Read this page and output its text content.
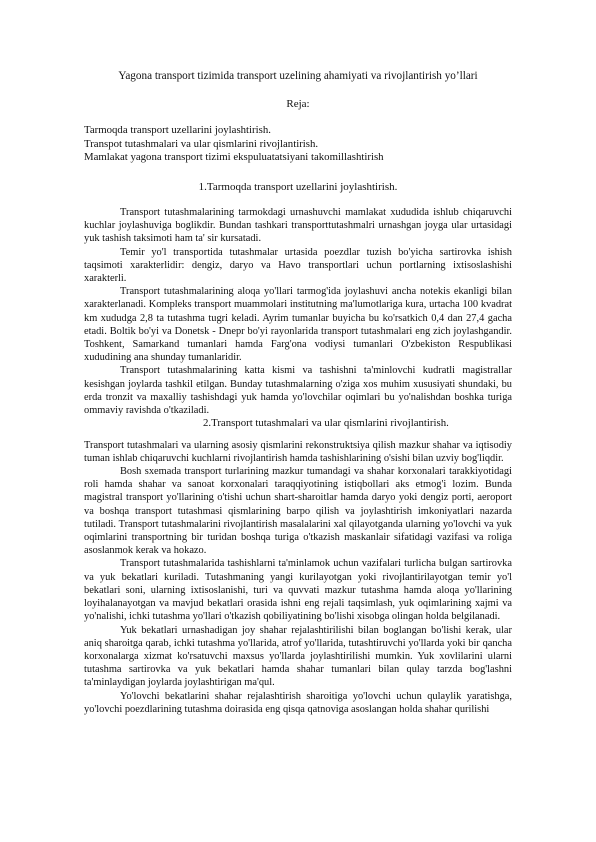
Yagona transport tizimida transport uzelining ahamiyati va rivojlantirish yo’llari
Reja:
Tarmoqda transport uzellarini joylashtirish.
Transpot tutashmalari va ular qismlarini rivojlantirish.
Mamlakat yagona transport tizimi ekspuluatatsiyani takomillashtirish
1.Tarmoqda transport uzellarini joylashtirish.

Transport tutashmalarining tarmokdagi urnashuvchi mamlakat xududida ishlub chiqaruvchi kuchlar joylashuviga boglikdir. Bundan tashkari transporttutashmalri urnashgan joyga ular urtasidagi yuk tashish taksimoti ham ta' sir kursatadi.

Temir yo'l transportida tutashmalar urtasida poezdlar tuzish bo'yicha sartirovka ishish taqsimoti xarakterlidir: dengiz, daryo va Havo transportlari uchun portlarning ixtisoslashishi xarakterli.

Transport tutashmalarining aloqa yo'llari tarmog'ida joylashuvi ancha notekis ekanligi bilan xarakterlanadi. Kompleks transport muammolari institutning ma'lumotlariga kura, urtacha 100 kvadrat km xududga 2,8 ta tutashma tugri keladi. Ayrim tumanlar buyicha bu ko'rsatkich 0,4 dan 27,4 gacha etadi. Boltik bo'yi va Donetsk - Dnepr bo'yi rayonlarida transport tutashmalari eng zich joylashgandir. Toshkent, Samarkand tumanlari hamda Farg'ona vodiysi tumanlari O'zbekiston Respublikasi xududining ana shunday tumanlaridir.

Transport tutashmalarining katta kismi va tashishni ta'minlovchi kudratli magistrallar kesishgan joylarda tashkil etilgan. Bunday tutashmalarning o'ziga xos muhim xususiyati shundaki, bu erda tronzit va maxalliy tashishdagi yuk hamda yo'lovchilar oqimlari bu yo'nalishdan boshka turiga ommaviy ravishda o'tkaziladi.

2.Transport tutashmalari va ular qismlarini rivojlantirish.

Transport tutashmalari va ularning asosiy qismlarini rekonstruktsiya qilish mazkur shahar va iqtisodiy tuman ishlab chiqaruvchi kuchlarni rivojlantirish hamda tashishlarining o'sishi bilan uzviy bog'liqdir.

Bosh sxemada transport turlarining mazkur tumandagi va shahar korxonalari tarakkiyotidagi roli hamda shahar va sanoat korxonalari taraqqiyotining istiqbollari aks etmog'i lozim. Bunda magistral transport yo'llarining o'tishi uchun shart-sharoitlar hamda daryo yoki dengiz porti, aeroport va boshqa transport tutashmasi qismlarining barpo qilish va joylashtirish imkoniyatlari nazarda tutiladi. Transport tutashmalarini rivojlantirish masalalarini xal qilayotganda ularning yo'lovchi va yuk oqimlarini transportning bir turidan boshqa turiga o'tkazish maskanlair sifatidagi vazifasi va roliga asoslanmok kerak va hokazo.

Transport tutashmalarida tashishlarni ta'minlamok uchun vazifalari turlicha bulgan sartirovka va yuk bekatlari kuriladi. Tutashmaning yangi kurilayotgan yoki rivojlantirilayotgan temir yo'l bekatlari soni, ularning ixtisoslanishi, turi va quvvati mazkur tutashma hamda aloqa yo'llarining loyihalanayotgan va mavjud bekatlari orasida ishni eng rejali taqsimlash, yuk oqimlarining xajmi va yo'nalishi, ichki tutashma yo'llari o'tkazish qobiliyatining bo'lishi xisobga olingan holda belgilanadi.

Yuk bekatlari urnashadigan joy shahar rejalashtirilishi bilan boglangan bo'lishi kerak, ular aniq sharoitga qarab, ichki tutashma yo'llarida, atrof yo'llarida, tutashtiruvchi yo'llarda yoki bir qancha korxonalarga xizmat ko'rsatuvchi maxsus yo'llarda joylashtirilishi mumkin. Yuk xovlilarini ularni tutashma sartirovka va yuk bekatlari hamda shahar tumanlari bilan qulay tarzda bog'lashni ta'minlaydigan joylarda joylashtirigan ma'qul.

Yo'lovchi bekatlarini shahar rejalashtirish sharoitiga yo'lovchi uchun qulaylik yaratishga, yo'lovchi poezdlarining tutashma doirasida eng qisqa qatnoviga asoslangan holda shahar qurilishi
